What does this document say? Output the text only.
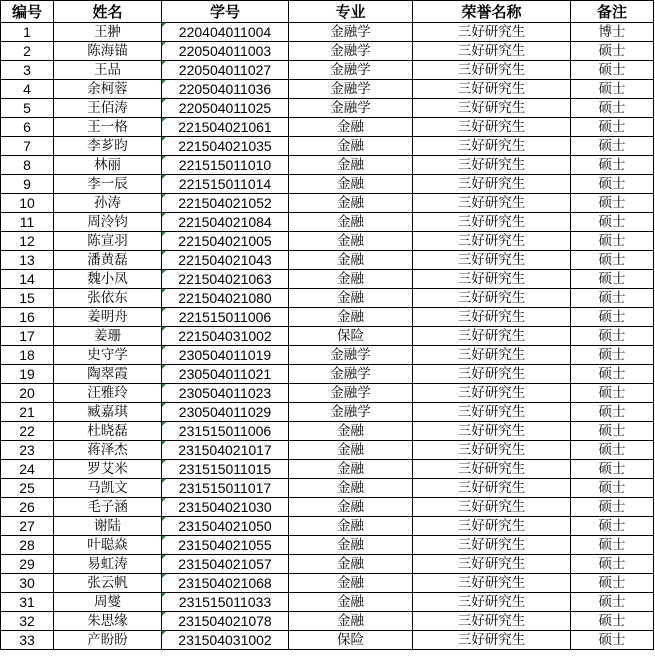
编号	姓名	学号	专业	荣誉名称	备注
1	王翀	220404011004	金融学	三好研究生	博士
2	陈海锚	220504011003	金融学	三好研究生	硕士
3	王品	220504011027	金融学	三好研究生	硕士
4	余柯蓉	220504011036	金融学	三好研究生	硕士
5	王佰涛	220504011025	金融学	三好研究生	硕士
6	王一格	221504021061	金融	三好研究生	硕士
7	李芗昀	221504021035	金融	三好研究生	硕士
8	林丽	221515011010	金融	三好研究生	硕士
9	李一辰	221515011014	金融	三好研究生	硕士
10	孙涛	221504021052	金融	三好研究生	硕士
11	周泠钧	221504021084	金融	三好研究生	硕士
12	陈宣羽	221504021005	金融	三好研究生	硕士
13	潘黄磊	221504021043	金融	三好研究生	硕士
14	魏小凤	221504021063	金融	三好研究生	硕士
15	张依东	221504021080	金融	三好研究生	硕士
16	姜明舟	221515011006	金融	三好研究生	硕士
17	姜珊	221504031002	保险	三好研究生	硕士
18	史守学	230504011019	金融学	三好研究生	硕士
19	陶翠霞	230504011021	金融学	三好研究生	硕士
20	汪雅玲	230504011023	金融学	三好研究生	硕士
21	臧嘉琪	230504011029	金融学	三好研究生	硕士
22	杜晓磊	231515011006	金融	三好研究生	硕士
23	蒋泽杰	231504021017	金融	三好研究生	硕士
24	罗艾米	231515011015	金融	三好研究生	硕士
25	马凯文	231515011017	金融	三好研究生	硕士
26	毛子涵	231504021030	金融	三好研究生	硕士
27	谢陆	231504021050	金融	三好研究生	硕士
28	叶聪焱	231504021055	金融	三好研究生	硕士
29	易虹涛	231504021057	金融	三好研究生	硕士
30	张云帆	231504021068	金融	三好研究生	硕士
31	周燮	231515011033	金融	三好研究生	硕士
32	朱思缘	231504021078	金融	三好研究生	硕士
33	产盼盼	231504031002	保险	三好研究生	硕士
